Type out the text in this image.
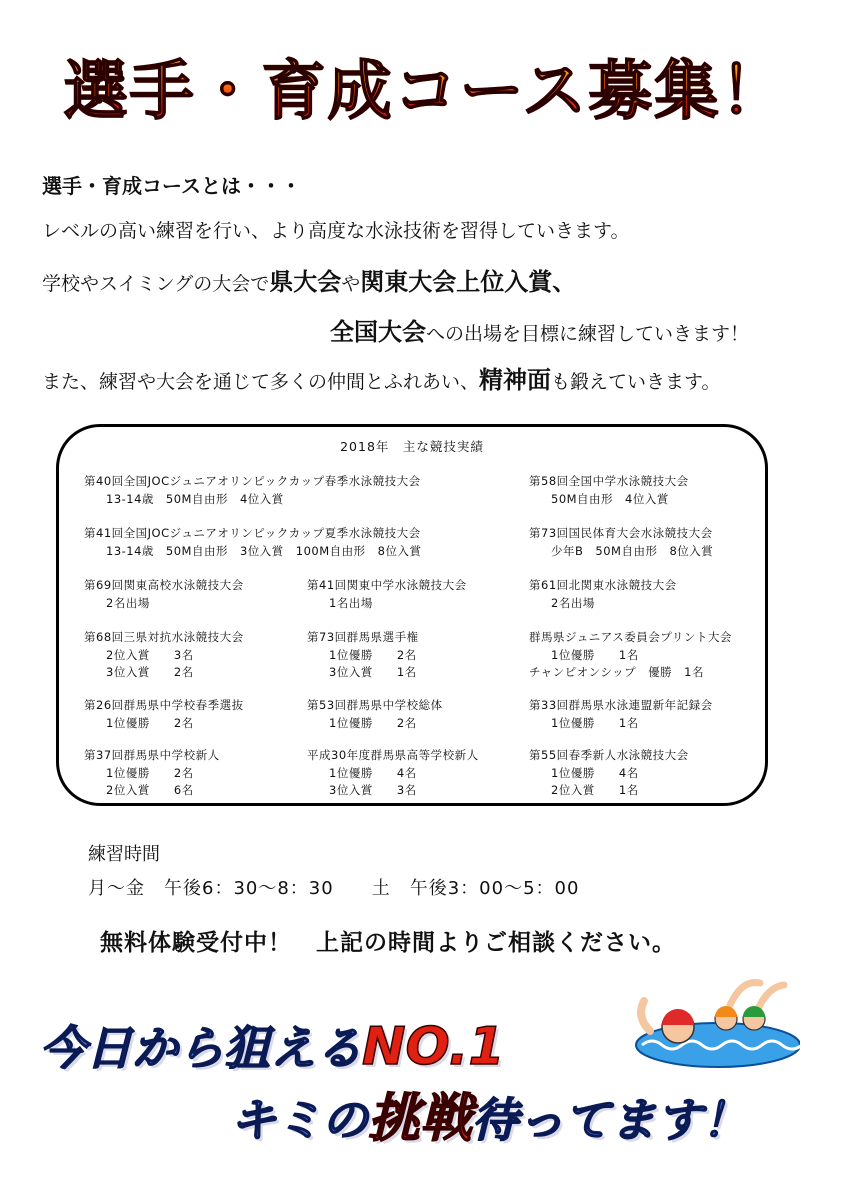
選手・育成コース募集！
選手・育成コースとは・・・
レベルの高い練習を行い、より高度な水泳技術を習得していきます。
学校やスイミングの大会で県大会や関東大会上位入賞、
全国大会への出場を目標に練習していきます！
また、練習や大会を通じて多くの仲間とふれあい、精神面も鍛えていきます。
2018年　主な競技実績
第40回全国JOCジュニアオリンピックカップ春季水泳競技大会
13-14歳　50M自由形　4位入賞
第58回全国中学水泳競技大会
50M自由形　4位入賞
第41回全国JOCジュニアオリンピックカップ夏季水泳競技大会
13-14歳　50M自由形　3位入賞　100M自由形　8位入賞
第73回国民体育大会水泳競技大会
少年B　50M自由形　8位入賞
第69回関東高校水泳競技大会
2名出場
第41回関東中学水泳競技大会
1名出場
第61回北関東水泳競技大会
2名出場
第68回三県対抗水泳競技大会
2位入賞　　3名
3位入賞　　2名
第73回群馬県選手権
1位優勝　　2名
3位入賞　　1名
群馬県ジュニアス委員会プリント大会
1位優勝　　1名
チャンピオンシップ　優勝　1名
第26回群馬県中学校春季選抜
1位優勝　　2名
第53回群馬県中学校総体
1位優勝　　2名
第33回群馬県水泳連盟新年記録会
1位優勝　　1名
第37回群馬県中学校新人
1位優勝　　2名
2位入賞　　6名
平成30年度群馬県高等学校新人
1位優勝　　4名
3位入賞　　3名
第55回春季新人水泳競技大会
1位優勝　　4名
2位入賞　　1名
練習時間
月～金　午後6：30～8：30　　土　午後3：00～5：00
無料体験受付中！　上記の時間よりご相談ください。
今日から狙えるNO.1
キミの挑戦待ってます！
